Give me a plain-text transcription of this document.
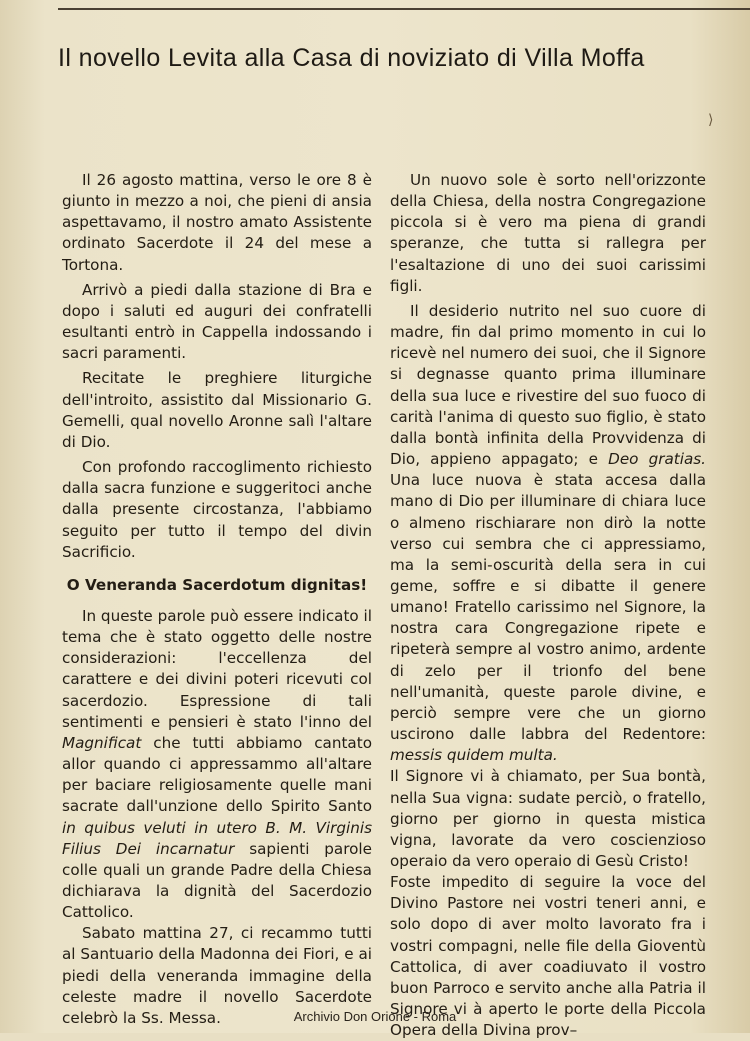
Il novello Levita alla Casa di noviziato di Villa Moffa

Il 26 agosto mattina, verso le ore 8 è giunto in mezzo a noi, che pieni di ansia aspettavamo, il nostro amato Assistente ordinato Sacerdote il 24 del mese a Tortona.

Arrivò a piedi dalla stazione di Bra e dopo i saluti ed auguri dei confratelli esultanti entrò in Cappella indossando i sacri paramenti.

Recitate le preghiere liturgiche dell'introito, assistito dal Missionario G. Gemelli, qual novello Aronne salì l'altare di Dio.

Con profondo raccoglimento richiesto dalla sacra funzione e suggeritoci anche dalla presente circostanza, l'abbiamo seguito per tutto il tempo del divin Sacrificio.

O Veneranda Sacerdotum dignitas!

In queste parole può essere indicato il tema che è stato oggetto delle nostre considerazioni: l'eccellenza del carattere e dei divini poteri ricevuti col sacerdozio. Espressione di tali sentimenti e pensieri è stato l'inno del Magnificat che tutti abbiamo cantato allor quando ci appressammo all'altare per baciare religiosamente quelle mani sacrate dall'unzione dello Spirito Santo in quibus veluti in utero B. M. Virginis Filius Dei incarnatur sapienti parole colle quali un grande Padre della Chiesa dichiarava la dignità del Sacerdozio Cattolico.

Sabato mattina 27, ci recammo tutti al Santuario della Madonna dei Fiori, e ai piedi della veneranda immagine della celeste madre il novello Sacerdote celebrò la Ss. Messa.

Un nuovo sole è sorto nell'orizzonte della Chiesa, della nostra Congregazione piccola si è vero ma piena di grandi speranze, che tutta si rallegra per l'esaltazione di uno dei suoi carissimi figli.

Il desiderio nutrito nel suo cuore di madre, fin dal primo momento in cui lo ricevè nel numero dei suoi, che il Signore si degnasse quanto prima illuminare della sua luce e rivestire del suo fuoco di carità l'anima di questo suo figlio, è stato dalla bontà infinita della Provvidenza di Dio, appieno appagato; e Deo gratias. Una luce nuova è stata accesa dalla mano di Dio per illuminare di chiara luce o almeno rischiarare non dirò la notte verso cui sembra che ci appressiamo, ma la semi-oscurità della sera in cui geme, soffre e si dibatte il genere umano! Fratello carissimo nel Signore, la nostra cara Congregazione ripete e ripeterà sempre al vostro animo, ardente di zelo per il trionfo del bene nell'umanità, queste parole divine, e perciò sempre vere che un giorno uscirono dalle labbra del Redentore: messis quidem multa.

Il Signore vi à chiamato, per Sua bontà, nella Sua vigna: sudate perciò, o fratello, giorno per giorno in questa mistica vigna, lavorate da vero coscienzioso operaio da vero operaio di Gesù Cristo!

Foste impedito di seguire la voce del Divino Pastore nei vostri teneri anni, e solo dopo di aver molto lavorato fra i vostri compagni, nelle file della Gioventù Cattolica, di aver coadiuvato il vostro buon Parroco e servito anche alla Patria il Signore vi à aperto le porte della Piccola Opera della Divina prov–

⟩
Archivio Don Orione - Roma
